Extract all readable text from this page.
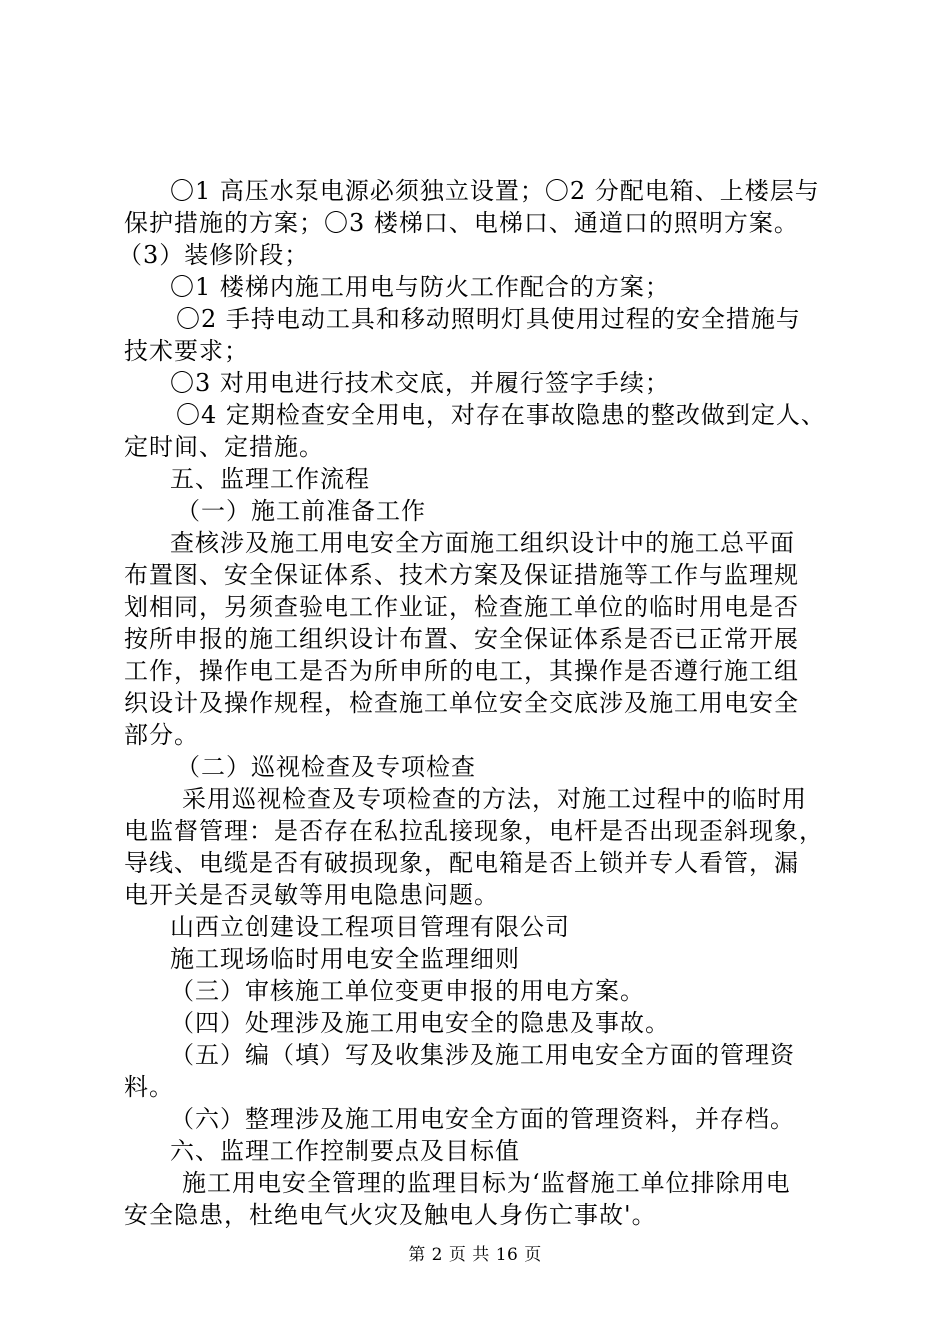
〇1 高压水泵电源必须独立设置；〇2 分配电箱、上楼层与
保护措施的方案；〇3 楼梯口、电梯口、通道口的照明方案。
（3）装修阶段；
〇1 楼梯内施工用电与防火工作配合的方案；
〇2 手持电动工具和移动照明灯具使用过程的安全措施与
技术要求；
〇3 对用电进行技术交底，并履行签字手续；
〇4 定期检查安全用电，对存在事故隐患的整改做到定人、
定时间、定措施。
五、监理工作流程
（一）施工前准备工作
查核涉及施工用电安全方面施工组织设计中的施工总平面
布置图、安全保证体系、技术方案及保证措施等工作与监理规
划相同，另须查验电工作业证，检查施工单位的临时用电是否
按所申报的施工组织设计布置、安全保证体系是否已正常开展
工作，操作电工是否为所申所的电工，其操作是否遵行施工组
织设计及操作规程，检查施工单位安全交底涉及施工用电安全
部分。
（二）巡视检查及专项检查
采用巡视检查及专项检查的方法，对施工过程中的临时用
电监督管理：是否存在私拉乱接现象，电杆是否出现歪斜现象，
导线、电缆是否有破损现象，配电箱是否上锁并专人看管，漏
电开关是否灵敏等用电隐患问题。
山西立创建设工程项目管理有限公司
施工现场临时用电安全监理细则
（三）审核施工单位变更申报的用电方案。
（四）处理涉及施工用电安全的隐患及事故。
（五）编（填）写及收集涉及施工用电安全方面的管理资
料。
（六）整理涉及施工用电安全方面的管理资料，并存档。
六、监理工作控制要点及目标值
施工用电安全管理的监理目标为‘监督施工单位排除用电
安全隐患，杜绝电气火灾及触电人身伤亡事故'。
第 2 页 共 16 页
